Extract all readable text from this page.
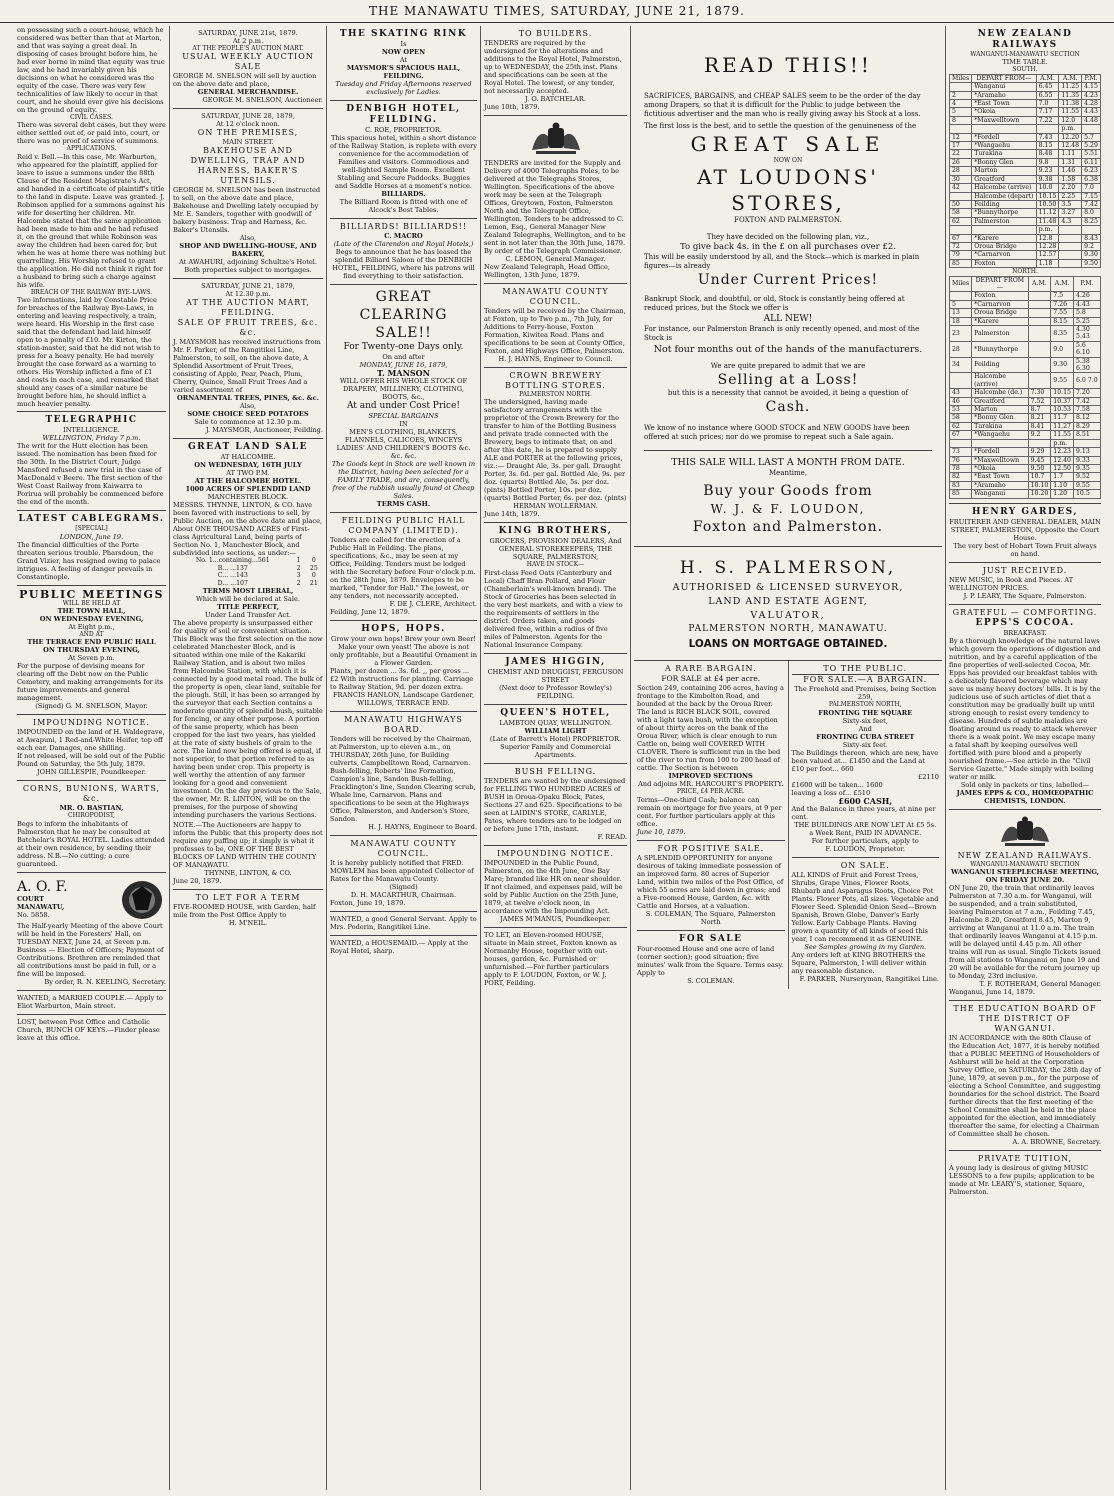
THE MANAWATU TIMES, SATURDAY, JUNE 21, 1879.
on possessing such a court-house, which he considered was better than that at Marton, and that was saying a great deal. In disposing of cases brought before him, he had ever borne in mind that equity was true law, and he had invariably given his decisions on what he considered was the equity of the case. There was very few technicalities of law likely to occur in that court, and he should ever give his decisions on the ground of equity.
CIVIL CASES.
There was several debt cases, but they were either settled out of, or paid into, court, or there was no proof of service of summons.
APPLICATIONS.
Reid v. Bell.—In this case, Mr. Warburton, who appeared for the plaintiff, applied for leave to issue a summons under the 88th Clause of the Resident Magistrate's Act, and handed in a certificate of plaintiff's title to the land in dispute. Leave was granted. J. Robinson applied for a summons against his wife for deserting her children. Mr. Halcombe stated that the same application had been made to him and he had refused it, on the ground that while Robinson was away the children had been cared for, but when he was at home there was nothing but quarrelling. His Worship refused to grant the application. He did not think it right for a husband to bring such a charge against his wife.
BREACH OF THE RAILWAY BYE-LAWS.
Two informations, laid by Constable Price for breaches of the Railway Bye-Laws, in entering and leaving respectively, a train, were heard. His Worship in the first case said that the defendant had laid himself open to a penalty of £10. Mr. Kirton, the station-master, said that he did not wish to press for a heavy penalty. He had merely brought the case forward as a warning to others. His Worship inflicted a fine of £1 and costs in each case, and remarked that should any cases of a similar nature be brought before him, he should inflict a much heavier penalty.
TELEGRAPHIC
INTELLIGENCE.
WELLINGTON, Friday 7 p.m.
The writ for the Hutt election has been issued. The nomination has been fixed for the 30th. In the District Court, Judge Mansford refused a new trial in the case of MacDonald v Beere. The first section of the West Coast Railway from Kaiwarra to Porirua will probably be commenced before the end of the month.
LATEST CABLEGRAMS.
[SPECIAL]
LONDON, June 19.
The financial difficulties of the Porte threaten serious trouble. Pharsdoun, the Grand Vizier, has resigned owing to palace intrigues. A feeling of danger prevails in Constantinople.
PUBLIC MEETINGS
WILL BE HELD AT
THE TOWN HALL,
ON WEDNESDAY EVENING,
At Eight p.m.,
AND AT
THE TERRACE END PUBLIC HALL
ON THURSDAY EVENING,
At Seven p.m.
For the purpose of devising means for clearing off the Debt now on the Public Cemetery, and making arrangements for its future improvements and general management.
(Signed) G. M. SNELSON, Mayor.
IMPOUNDING NOTICE.
IMPOUNDED on the land of H. Waldegrave, at Awapuni, 1 Red-and-White Heifer, top off each ear. Damages, one shilling.
If not released, will be sold out of the Public Pound on Saturday, the 5th July, 1879.
JOHN GILLESPIE, Poundkeeper.
CORNS, BUNIONS, WARTS, &c.
MR. O. BASTIAN,
CHIROPODIST,
Begs to inform the inhabitants of Palmerston that he may be consulted at Batchelar's ROYAL HOTEL. Ladies attended at their own residence, by sending their address. N.B.—No cutting; a cure guaranteed.
A. O. F.
COURT
MANAWATU,
No. 5858.
The Half-yearly Meeting of the above Court will be held in the Foresters' Hall, on TUESDAY NEXT, June 24, at Seven p.m. Business — Election of Officers; Payment of Contributions. Brethren are reminded that all contributions must be paid in full, or a fine will be imposed.
By order, R. N. KEELING, Secretary.
WANTED, a MARRIED COUPLE.— Apply to Eliot Warburton, Main street.
LOST, between Post Office and Catholic Church, BUNCH OF KEYS.—Finder please leave at this office.
SATURDAY, JUNE 21st, 1879.
At 2 p.m.
AT THE PEOPLE'S AUCTION MART.
USUAL WEEKLY AUCTION SALE
GEORGE M. SNELSON will sell by auction on the above date and place,
GENERAL MERCHANDISE.
GEORGE M. SNELSON, Auctioneer.
SATURDAY, JUNE 28, 1879,
At 12 o'clock noon.
ON THE PREMISES,
MAIN STREET.
BAKEHOUSE AND DWELLING, TRAP AND HARNESS, BAKER'S UTENSILS.
GEORGE M. SNELSON has been instructed to sell, on the above date and place, Bakehouse and Dwelling lately occupied by Mr. E. Sanders, together with goodwill of bakery business. Trap and Harness, &c. Baker's Utensils.
Also,
SHOP AND DWELLING-HOUSE, AND BAKERY,
At AWAHURI, adjoining Schultze's Hotel. Both properties subject to mortgages.
SATURDAY, JUNE 21, 1879,
At 12.30 p.m.
AT THE AUCTION MART, FEILDING.
SALE OF FRUIT TREES, &c. &c.
J. MAYSMOR has received instructions from Mr. F. Parker, of the Rangitikei Line, Palmerston, to sell, on the above date, A Splendid Assortment of Fruit Trees, consisting of Apple, Pear, Peach, Plum, Cherry, Quince, Small Fruit Trees And a varied assortment of
ORNAMENTAL TREES, PINES, &c. &c.
Also,
SOME CHOICE SEED POTATOES
Sale to commence at 12.30 p.m.
J. MAYSMOR, Auctioneer, Feilding.
GREAT LAND SALE
AT HALCOMBE.
ON WEDNESDAY, 16TH JULY
AT TWO P.M.
AT THE HALCOMBE HOTEL.
1000 ACRES OF SPLENDID LAND
MANCHESTER BLOCK.
MESSRS. THYNNE, LINTON, & CO. have been favored with instructions to sell, by Public Auction, on the above date and place, About ONE THOUSAND ACRES of First-class Agricultural Land, being parts of Section No. 1, Manchester Block, and subdivided into sections, as under:—
No. 1...containing...561	1	0
B... ...137	2	25
C... ...143	3	0
D... ...107	2	21
TERMS MOST LIBERAL,
Which will be declared at Sale.
TITLE PERFECT,
Under Land Transfer Act.
The above property is unsurpassed either for quality of soil or convenient situation. This Block was the first selection on the now celebrated Manchester Block, and is situated within one mile of the Kakariki Railway Station, and is about two miles from Halcombe Station, with which it is connected by a good metal road. The bulk of the property is open, clear land, suitable for the plough. Still, it has been so arranged by the surveyor that each Section contains a moderate quantity of splendid bush, suitable for fencing, or any other purpose. A portion of the same property, which has been cropped for the last two years, has yielded at the rate of sixty bushels of grain to the acre. The land now being offered is equal, if not superior, to that portion referred to as having been under crop. This property is well worthy the attention of any farmer looking for a good and convenient investment. On the day previous to the Sale, the owner, Mr. R. LINTON, will be on the premises, for the purpose of showing intending purchasers the various Sections.
NOTE.—The Auctioneers are happy to inform the Public that this property does not require any puffing up; it simply is what it professes to be, ONE OF THE BEST BLOCKS OF LAND WITHIN THE COUNTY OF MANAWATU.
THYNNE, LINTON, & CO.
June 20, 1879.
TO LET FOR A TERM
FIVE-ROOMED HOUSE, with Garden, half mile from the Post Office Apply to
H. M'NEIL.
THE SKATING RINK
Is
NOW OPEN
At
MAYSMOR'S SPACIOUS HALL, FEILDING.
Tuesday and Friday Afternoons reserved exclusively for Ladies.
DENBIGH HOTEL, FEILDING.
C. ROE, PROPRIETOR.
This spacious hotel, within a short distance of the Railway Station, is replete with every convenience for the accommodation of Families and visitors. Commodious and well-lighted Sample Room. Excellent Stabling and Secure Paddocks. Buggies and Saddle Horses at a moment's notice.
BILLIARDS.
The Billiard Room is fitted with one of Alcock's Best Tables.
BILLIARDS! BILLIARDS!!
C. MACRO
(Late of the Clarendon and Royal Hotels,)
Begs to announce that he has leased the splendid Billiard Saloon of the DENBIGH HOTEL, FEILDING, where his patrons will find everything to their satisfaction.
GREAT CLEARING SALE!!
For Twenty-one Days only.
On and after
MONDAY, JUNE 16, 1879,
T. MANSON
WILL OFFER HIS WHOLE STOCK OF DRAPERY, MILLINERY, CLOTHING, BOOTS, &c.,
At and under Cost Price!
SPECIAL BARGAINS
IN
MEN'S CLOTHING, BLANKETS, FLANNELS, CALICOES, WINCEYS LADIES' AND CHILDREN'S BOOTS &c. &c. &c.
The Goods kept in Stock are well known in the District, having been selected for a FAMILY TRADE, and are, consequently, free of the rubbish usually found at Cheap Sales.
TERMS CASH.
FEILDING PUBLIC HALL COMPANY (LIMITED).
Tenders are called for the erection of a Public Hall in Feilding. The plans, specifications, &c., may be seen at my Office, Feilding. Tenders must be lodged with the Secretary before Four o'clock p.m. on the 28th June, 1879. Envelopes to be marked, "Tender for Hall." The lowest, or any tenders, not necessarily accepted.
F. DE J. CLERE, Architect.
Feilding, June 12, 1879.
HOPS, HOPS.
Grow your own hops! Brew your own Beer! Make your own yeast! The above is not only profitable, but a Beautiful Ornament in a Flower Garden.
Plants, per dozen ... 3s. 6d. ,, per gross ... £2 With instructions for planting. Carriage to Railway Station, 9d. per dozen extra.
FRANCIS HANLON, Landscape Gardener, WILLOWS, TERRACE END.
MANAWATU HIGHWAYS BOARD.
Tenders will be received by the Chairman, at Palmerston, up to eleven a.m., on THURSDAY, 26th June, for Building culverts, Campbelltown Road, Carnarvon. Bush-felling, Roberts' line Formation, Campion's line, Sandon Bush-felling, Fracklington's line, Sandon Clearing scrub, Whale line, Carnarvon. Plans and specifications to be seen at the Highways Office, Palmerston, and Anderson's Store, Sandon.
H. J. HAYNS, Engineer to Board.
MANAWATU COUNTY COUNCIL.
It is hereby publicly notified that FRED. MOWLEM has been appointed Collector of Rates for the Manawatu County.
(Signed)
D. H. MACARTHUR, Chairman.
Foxton, June 19, 1879.
WANTED, a good General Servant. Apply to Mrs. Poderin, Rangitikei Line.
WANTED, a HOUSEMAID.— Apply at the Royal Hotel, sharp.
TO BUILDERS.
TENDERS are required by the undersigned for the alterations and additions to the Royal Hotel, Palmerston, up to WEDNESDAY, the 25th inst. Plans and specifications can be seen at the Royal Hotel. The lowest, or any tender, not necessarily accepted.
J. O. BATCHELAR.
June 10th, 1879.
TENDERS are invited for the Supply and Delivery of 4000 Telegraphs Poles, to be delivered at the Telegraphs Stores, Wellington. Specifications of the above work may be seen at the Telegraph Offices, Greytown, Foxton, Palmerston North and the Telegraph Office, Wellington. Tenders to be addressed to C. Lemon, Esq., General Manager New Zealand Telegraphs, Wellington, and to be sent in not later than the 30th June, 1879. By order of the Telegraph Commissioner.
C. LEMON, General Manager.
New Zealand Telegraph, Head Office, Wellington, 13th June, 1879.
MANAWATU COUNTY COUNCIL.
Tenders will be received by the Chairman, at Foxton, up to Two p.m., 7th July, for Additions to Ferry-house, Foxton Formation, Kiwitea Road. Plans and specifications to be seen at County Office, Foxton, and Highways Office, Palmerston.
H. J. HAYNS, Engineer to Council.
CROWN BREWERY BOTTLING STORES.
PALMERSTON NORTH.
The undersigned, having made satisfactory arrangements with the proprietor of the Crown Brewery for the transfer to him of the Bottling Business and private trade connected with the Brewery, begs to intimate that, on and after this date, he is prepared to supply ALE and PORTER at the following prices, viz.:— Draught Ale, 3s. per gall. Draught Porter, 3s. 6d. per gal. Bottled Ale, 9s. per doz. (quarts) Bottled Ale, 5s. per doz. (pints) Bottled Porter, 10s. per doz. (quarts) Bottled Porter, 6s. per doz. (pints)
HERMAN WOLLERMAN.
June 14th, 1879.
KING BROTHERS,
GROCERS, PROVISION DEALERS, And GENERAL STOREKEEPERS, THE SQUARE, PALMERSTON,
HAVE IN STOCK—
First-class Feed Oats (Canterbury and Local) Chaff Bran Pollard, and Flour (Chamberlain's well-known brand). The Stock of Groceries has been selected in the very best markets, and with a view to the requirements of settlers in the district. Orders taken, and goods delivered free, within a radius of five miles of Palmerston. Agents for the National Insurance Company.
JAMES HIGGIN,
CHEMIST AND DRUGGIST, FERGUSON STREET
(Next door to Professor Rowley's) FEILDING.
QUEEN'S HOTEL,
LAMBTON QUAY, WELLINGTON.
WILLIAM LIGHT
(Late of Barrett's Hotel) PROPRIETOR.
Superior Family and Commercial Apartments.
BUSH FELLING.
TENDERS are wanted by the undersigned for FELLING TWO HUNDRED ACRES of BUSH in Oroua-Opaku Block, Pates, Sections 27 and 625. Specifications to be seen at LAIDIN'S STORE, CARLYLE, Pates, where tenders are to be lodged on or before June 17th, instant.
F. READ.
IMPOUNDING NOTICE.
IMPOUNDED in the Public Pound, Palmerston, on the 4th June, One Bay Mare; branded like HR on near shoulder. If not claimed, and expenses paid, will be sold by Public Auction on the 25th June, 1879, at twelve o'clock noon, in accordance with the Impounding Act.
JAMES M'MANUS, Poundkeeper.
TO LET, an Eleven-roomed HOUSE, situate in Main street, Foxton known as Normanby House, together with out-houses, garden, &c. Furnished or unfurnished.—For further particulars apply to F. LOUDON, Foxton, or W. J. PORT, Feilding.
READ THIS!!
SACRIFICES, BARGAINS, and CHEAP SALES seem to be the order of the day among Drapers, so that it is difficult for the Public to judge between the fictitious advertiser and the man who is really giving away his Stock at a loss.
The first loss is the best, and to settle the question of the genuineness of the
GREAT SALE
NOW ON
AT LOUDONS' STORES,
FOXTON AND PALMERSTON.
They have decided on the following plan, viz.,
To give back 4s. in the £ on all purchases over £2.
This will be easily understood by all, and the Stock—which is marked in plain figures—is already
Under Current Prices!
Bankrupt Stock, and doubtful, or old, Stock is constantly being offered at reduced prices, but the Stock we offer is
ALL NEW!
For instance, our Palmerston Branch is only recently opened, and most of the Stock is
Not four months out of the hands of the manufacturers.
We are quite prepared to admit that we are
Selling at a Loss!
but this is a necessity that cannot be avoided, it being a question of
Cash.
We know of no instance where GOOD STOCK and NEW GOODS have been offered at such prices; nor do we promise to repeat such a Sale again.
THIS SALE WILL LAST A MONTH FROM DATE.
Meantime,
Buy your Goods from
W. J. & F. LOUDON,
Foxton and Palmerston.
H. S. PALMERSON,
AUTHORISED & LICENSED SURVEYOR,
LAND AND ESTATE AGENT,
VALUATOR,
PALMERSTON NORTH, MANAWATU.
LOANS ON MORTGAGE OBTAINED.
A RARE BARGAIN.
FOR SALE at £4 per acre.
Section 249, containing 206 acres, having a frontage to the Kimbolton Road, and bounded at the back by the Oroua River. The land is RICH BLACK SOIL, covered with a light tawa bush, with the exception of about thirty acres on the bank of the Oroua River, which is clear enough to run Cattle on, being well COVERED WITH CLOVER. There is sufficient run in the bed of the river to run from 100 to 200 head of cattle. The Section is between
IMPROVED SECTIONS
And adjoins MR. HARCOURT'S PROPERTY.
PRICE, £4 PER ACRE.
Terms—One-third Cash; balance can remain on mortgage for five years, at 9 per cent. For further particulars apply at this office.
June 10, 1879.
FOR POSITIVE SALE.
A SPLENDID OPPORTUNITY for anyone desirous of taking immediate possession of an improved farm. 80 acres of Superior Land, within two miles of the Post Office, of which 55 acres are laid down in grass; and a Five-roomed House, Garden, &c. with Cattle and Horses, at a valuation.
S. COLEMAN, The Square, Palmerston North
FOR SALE
Four-roomed House and one acre of land (corner section); good situation; five minutes' walk from the Square. Terms easy. Apply to
S. COLEMAN.
TO THE PUBLIC.
FOR SALE.—A BARGAIN.
The Freehold and Premises, being Section 259,
PALMERSTON NORTH,
FRONTING THE SQUARE
Sixty-six feet,
And
FRONTING CUBA STREET
Sixty-six feet.
The Buildings thereon, which are new, have been valued at... £1450 and the Land at £10 per foot... 660
£2110
£1600 will be taken... 1600
leaving a loss of... £510
£600 CASH,
And the Balance in three years, at nine per cent.
THE BUILDINGS ARE NOW LET At £5 5s. a Week Rent, PAID IN ADVANCE.
For further particulars, apply to
F. LOUDON, Proprietor.
ON SALE.
ALL KINDS of Fruit and Forest Trees, Shrubs, Grape Vines, Flower Roots, Rhubarb and Asparagus Roots, Choice Pot Plants. Flower Pots, all sizes. Vegetable and Flower Seed. Splendid Onion Seed—Brown Spanish, Brown Globe, Danver's Early Yellow. Early Cabbage Plants. Having grown a quantity of all kinds of seed this year, I can recommend it as GENUINE.
See Samples growing in my Garden.
Any orders left at KING BROTHERS the Square, Palmerston, I will deliver within any reasonable distance.
F. PARKER, Nurseryman, Rangitikei Line.
NEW ZEALAND RAILWAYS
WANGANUI-MANAWATU SECTION
TIME TABLE.
SOUTH.
Miles	DEPART FROM—	A.M.	A.M.	P.M.
	Wanganui	6.45	11.25	4.15
2	*Aramaho	6.55	11.35	4.23
4	*East Town	7.0	11.38	4.28
5	*Okoia	7.17	11.55	4.43
8	*Maxwelltown	7.22	12.0	4.48
			p.m.	
12	*Fordell	7.43	12.20	5.7
17	*Wangaehu	8.15	12.48	5.29
22	Turakina	8.48	1.11	5.51
26	*Bonny Glen	9.8	1.31	6.11
28	Marton	9.23	1.46	6.23
30	Greatford	9.38	1.58	6.38
42	Halcombe (arrive)	10.0	2.20	7.0
	Halcombe (depart)	10.15	2.25	7.15
50	Feilding	10.50	3.5	7.42
58	*Bunnythorpe	11.12	3.27	8.0
62	Palmerston	11.48	4.3	8.25
		p.m.		
67	*Karere	12.8		8.43
72	Oroua Bridge	12.28		9.2
79	*Carnarvon	12.57		9.30
85	Foxton	1.18		9.50
NORTH.
Miles	DEPART FROM—	A.M.	A.M.	P.M.
	Foxton		7.5	4.26
5	*Carnarvon		7.26	4.43
13	Oroua Bridge		7.55	5.8
18	*Karere		8.15	5.25
23	Palmerston		8.35	4.30 5.43
28	*Bunnythorpe		9.0	5.6 6.10
34	Feilding		9.30	5.38 6.30
	Halcombe (arrive)		9.55	6.0 7.0
43	Halcombe (de.)	7.30	10.15	7.20
46	Greatford	7.52	10.37	7.42
53	Marton	8.7	10.53	7.58
58	*Bonny Glen	8.21	11.7	8.12
62	Turakina	8.41	11.27	8.29
67	*Wangaehu	9.2	11.55	8.51
			p.m.	
73	*Fordell	9.29	12.23	9.13
76	*Maxwelltown	9.45	12.40	9.33
78	*Okoia	9.50	12.50	9.35
82	*East Town	10.7	1.7	9.52
83	*Aramaho	10.10	1.10	9.55
85	Wanganui	10.20	1.20	10.5
HENRY GARDES,
FRUITERER AND GENERAL DEALER, MAIN STREET, PALMERSTON, Opposite the Court House.
The very best of Hobart Town Fruit always on hand.
JUST RECEIVED.
NEW MUSIC, in Book and Pieces. AT WELLINGTON PRICES.
J. P. LEARY, The Square, Palmerston.
GRATEFUL — COMFORTING.
EPPS'S COCOA.
BREAKFAST.
By a thorough knowledge of the natural laws which govern the operations of digestion and nutrition, and by a careful application of the fine properties of well-selected Cocoa, Mr. Epps has provided our breakfast tables with a delicately flavored beverage which may save us many heavy doctors' bills. It is by the judicious use of such articles of diet that a constitution may be gradually built up until strong enough to resist every tendency to disease. Hundreds of subtle maladies are floating around us ready to attack wherever there is a weak point. We may escape many a fatal shaft by keeping ourselves well fortified with pure blood and a properly nourished frame.—See article in the "Civil Service Gazette." Made simply with boiling water or milk.
Sold only in packets or tins, labelled—
JAMES EPPS & CO., HOMŒOPATHIC CHEMISTS, LONDON.
NEW ZEALAND RAILWAYS.
WANGANUI-MANAWATU SECTION
WANGANUI STEEPLECHASE MEETING, ON FRIDAY JUNE 20.
ON June 20, the train that ordinarily leaves Palmerston at 7.30 a.m. for Wanganui, will be suspended, and a train substituted, leaving Palmerston at 7 a.m., Feilding 7.45, Halcombe 8.20, Greatford 8.45, Marton 9, arriving at Wanganui at 11.0 a.m. The train that ordinarily leaves Wanganui at 4.15 p.m. will be delayed until 4.45 p.m. All other trains will run as usual. Single Tickets issued from all stations to Wanganui on June 19 and 20 will be available for the return journey up to Monday, 23rd inclusive.
T. F. ROTHERAM, General Manager.
Wanganui, June 14, 1879.
THE EDUCATION BOARD OF THE DISTRICT OF WANGANUI.
IN ACCORDANCE with the 80th Clause of the Education Act, 1877, it is hereby notified that a PUBLIC MEETING of Householders of Ashhurst will be held at the Corporation Survey Office, on SATURDAY, the 28th day of June, 1879, at seven p.m., for the purpose of electing a School Committee, and suggesting boundaries for the school district. The Board further directs that the first meeting of the School Committee shall be held in the place appointed for the election, and immediately thereafter the same, for electing a Chairman of Committee shall be chosen.
A. A. BROWNE, Secretary.
PRIVATE TUITION,
A young lady is desirous of giving MUSIC LESSONS to a few pupils; application to be made at Mr. LEARY'S, stationer, Square, Palmerston.
